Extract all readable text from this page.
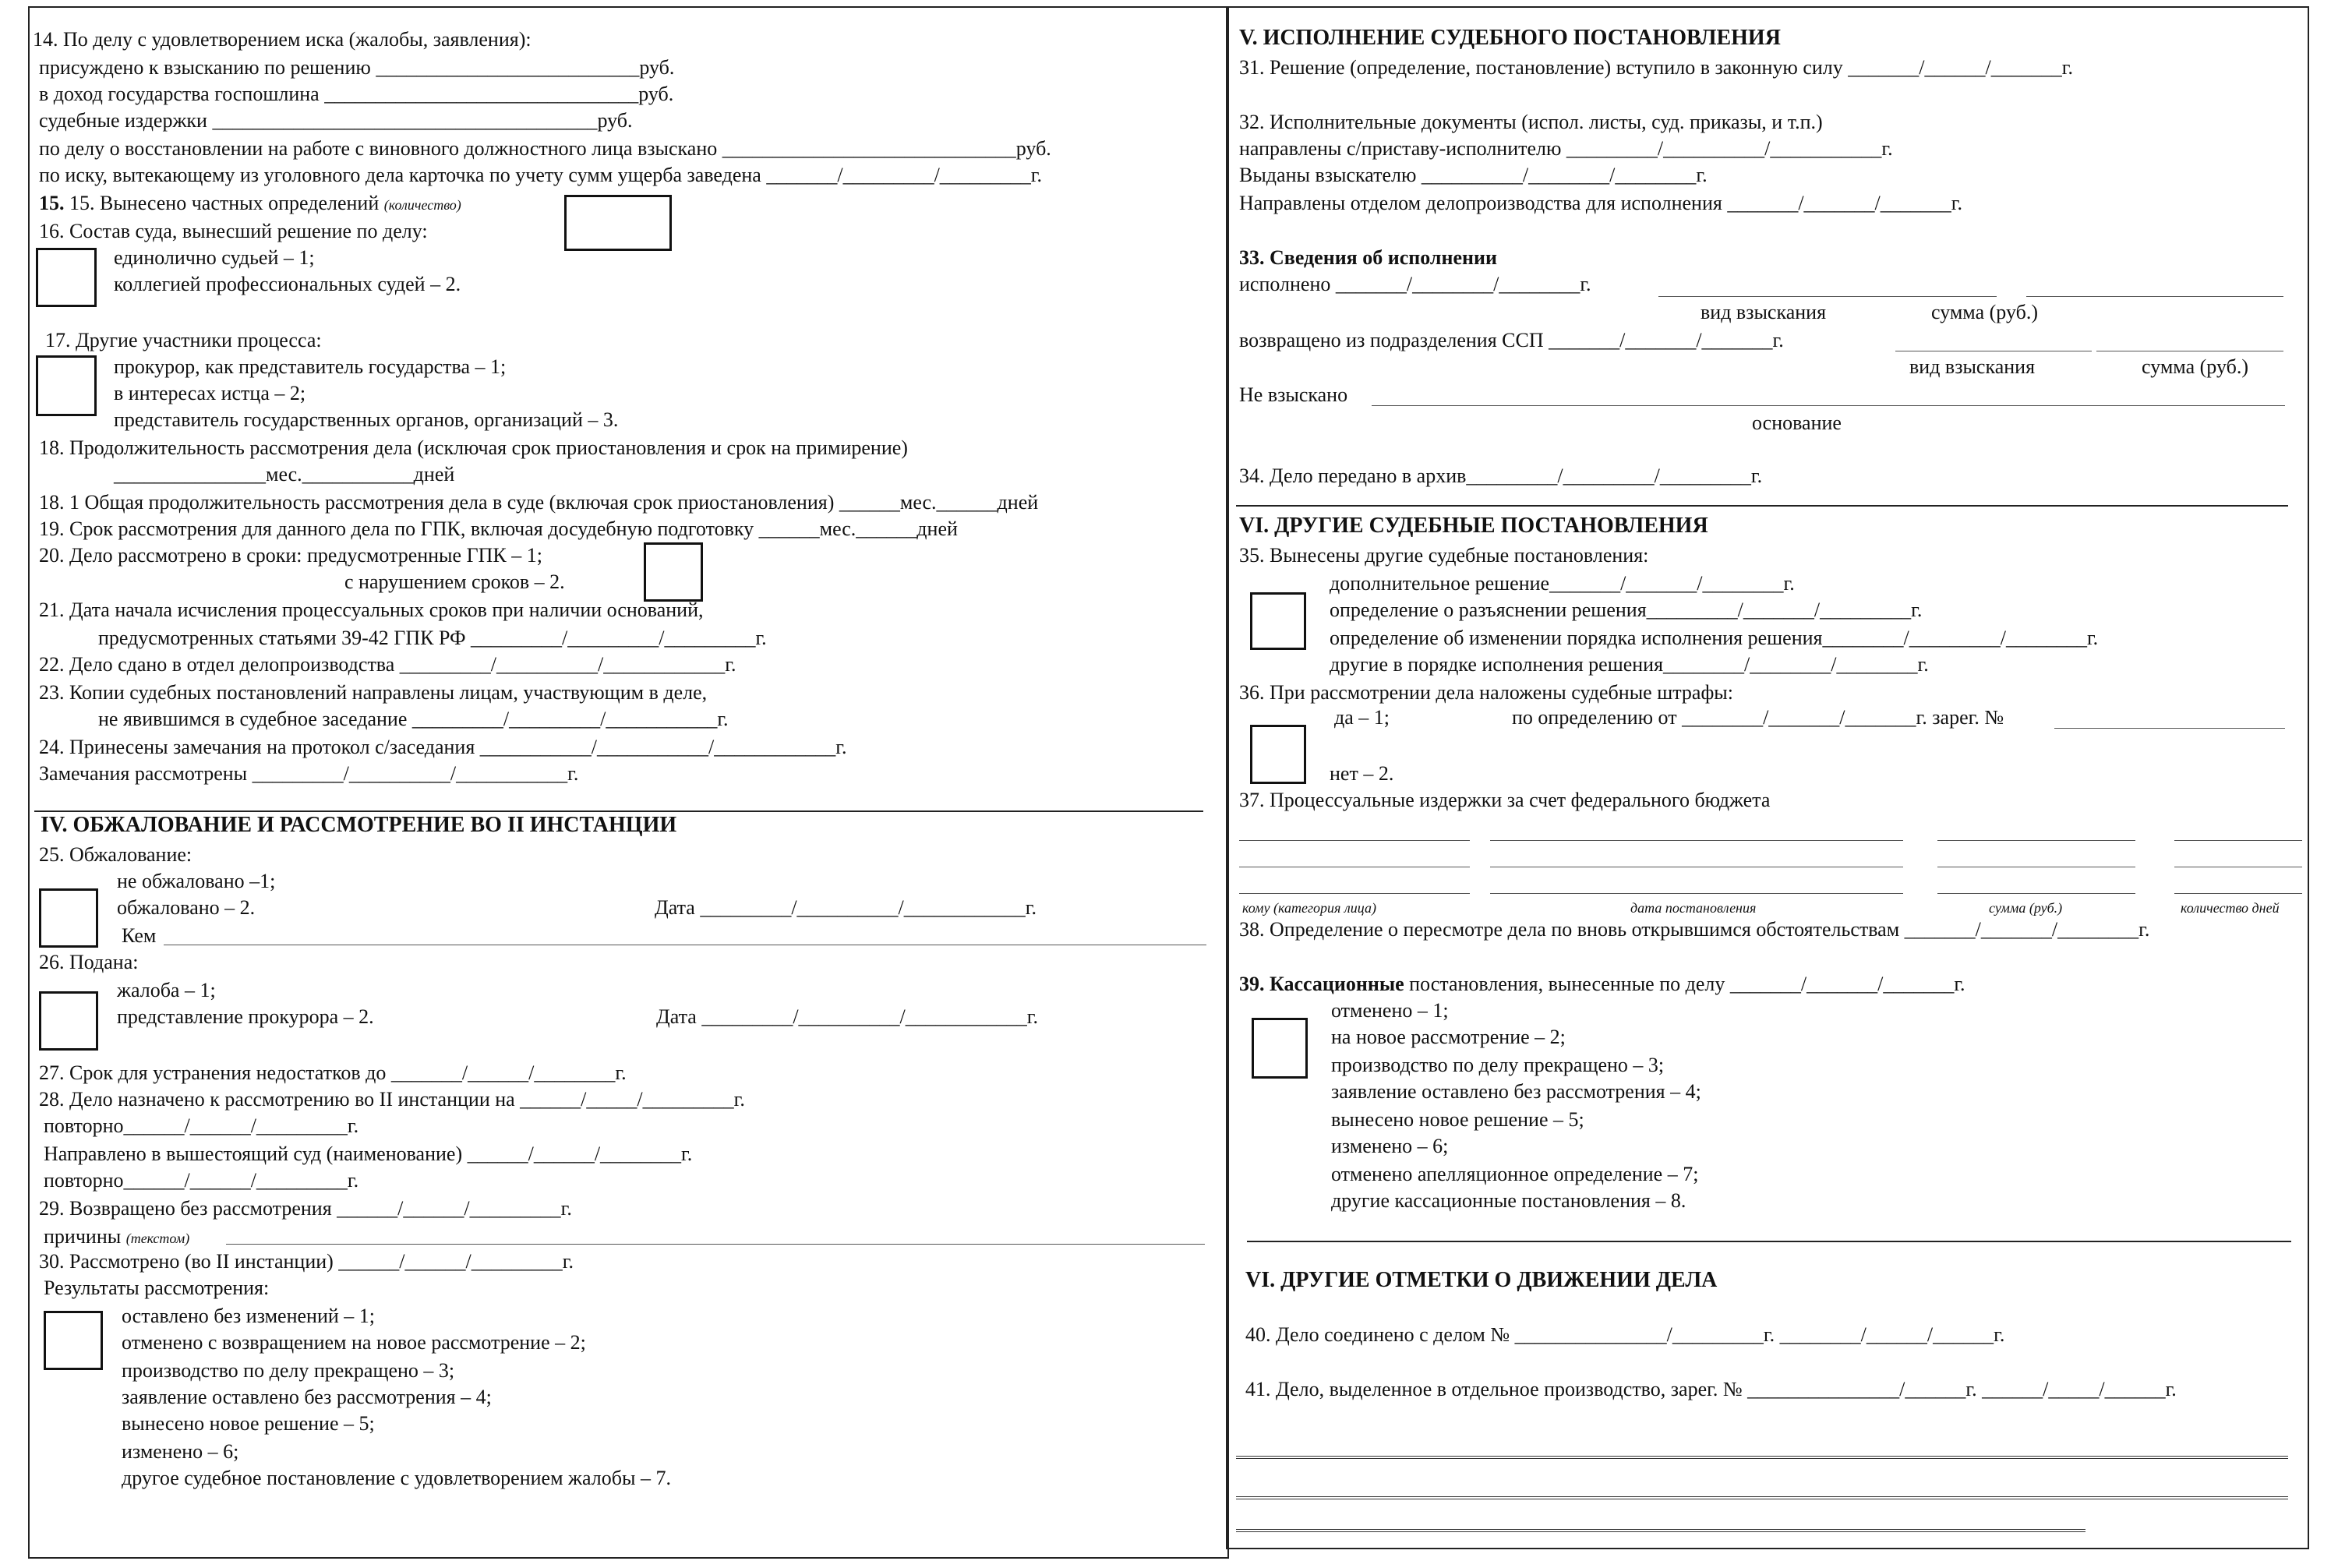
14. По делу с удовлетворением иска (жалобы, заявления):
присуждено к взысканию по решению __________________________руб.
в доход государства госпошлина _______________________________руб.
судебные издержки ______________________________________руб.
по делу о восстановлении на работе с виновного должностного лица взыскано _____________________________руб.
по иску, вытекающему из уголовного дела карточка по учету сумм ущерба заведена _______/_________/_________г.
15. 15. Вынесено частных определений (количество)
16. Состав суда, вынесший решение по делу:
единолично судьей – 1;
коллегией профессиональных судей – 2.
17. Другие участники процесса:
прокурор, как представитель государства – 1;
в интересах истца – 2;
представитель государственных органов, организаций – 3.
18. Продолжительность рассмотрения дела (исключая срок приостановления и срок на примирение)
_______________мес.___________дней
18. 1 Общая продолжительность рассмотрения дела в суде (включая срок приостановления) ______мес.______дней
19. Срок рассмотрения для данного дела по ГПК, включая досудебную подготовку ______мес.______дней
20. Дело рассмотрено в сроки: предусмотренные ГПК – 1;
с нарушением сроков – 2.
21. Дата начала исчисления процессуальных сроков при наличии оснований,
предусмотренных статьями 39-42 ГПК РФ _________/_________/_________г.
22. Дело сдано в отдел делопроизводства _________/__________/____________г.
23. Копии судебных постановлений направлены лицам, участвующим в деле,
не явившимся в судебное заседание _________/_________/___________г.
24. Принесены замечания на протокол с/заседания ___________/___________/____________г.
Замечания рассмотрены _________/__________/___________г.
IV. ОБЖАЛОВАНИЕ И РАССМОТРЕНИЕ ВО II ИНСТАНЦИИ
25. Обжалование:
не обжаловано –1;
обжаловано – 2.	Дата _________/__________/____________г.
Кем
26. Подана:
жалоба – 1;
представление прокурора – 2.	Дата _________/__________/____________г.
27. Срок для устранения недостатков до _______/______/________г.
28. Дело назначено к рассмотрению во II инстанции на ______/_____/_________г.
повторно______/______/_________г.
Направлено в вышестоящий суд (наименование) ______/______/________г.
повторно______/______/_________г.
29. Возвращено без рассмотрения ______/______/_________г.
причины (текстом)
30. Рассмотрено (во II инстанции) ______/______/_________г.
Результаты рассмотрения:
оставлено без изменений – 1;
отменено с возвращением на новое рассмотрение – 2;
производство по делу прекращено – 3;
заявление оставлено без рассмотрения – 4;
вынесено новое решение – 5;
изменено – 6;
другое судебное постановление с удовлетворением жалобы – 7.
V. ИСПОЛНЕНИЕ СУДЕБНОГО ПОСТАНОВЛЕНИЯ
31. Решение (определение, постановление) вступило в законную силу _______/______/_______г.
32. Исполнительные документы (испол. листы, суд. приказы, и т.п.)
направлены с/приставу-исполнителю _________/__________/___________г.
Выданы взыскателю __________/________/________г.
Направлены отделом делопроизводства для исполнения _______/_______/_______г.
33. Сведения об исполнении
исполнено _______/________/________г.
вид взыскания	сумма (руб.)
возвращено из подразделения ССП _______/_______/_______г.
вид взыскания	сумма (руб.)
Не взыскано
основание
34. Дело передано в архив_________/_________/_________г.
VI. ДРУГИЕ СУДЕБНЫЕ ПОСТАНОВЛЕНИЯ
35. Вынесены другие судебные постановления:
дополнительное решение_______/_______/________г.
определение о разъяснении решения_________/_______/_________г.
определение об изменении порядка исполнения решения________/_________/________г.
другие в порядке исполнения решения________/________/________г.
36. При рассмотрении дела наложены судебные штрафы:
да – 1;	по определению от ________/_______/_______г. зарег. №
нет – 2.
37. Процессуальные издержки за счет федерального бюджета
кому (категория лица)	дата постановления	сумма (руб.)	количество дней
38. Определение о пересмотре дела по вновь открывшимся обстоятельствам _______/_______/________г.
39. Кассационные постановления, вынесенные по делу _______/_______/_______г.
отменено – 1;
на новое рассмотрение – 2;
производство по делу прекращено – 3;
заявление оставлено без рассмотрения – 4;
вынесено новое решение – 5;
изменено – 6;
отменено апелляционное определение – 7;
другие кассационные постановления – 8.
VI. ДРУГИЕ ОТМЕТКИ О ДВИЖЕНИИ ДЕЛА
40. Дело соединено с делом № _______________/_________г. ________/______/______г.
41. Дело, выделенное в отдельное производство, зарег. № _______________/______г. ______/_____/______г.
